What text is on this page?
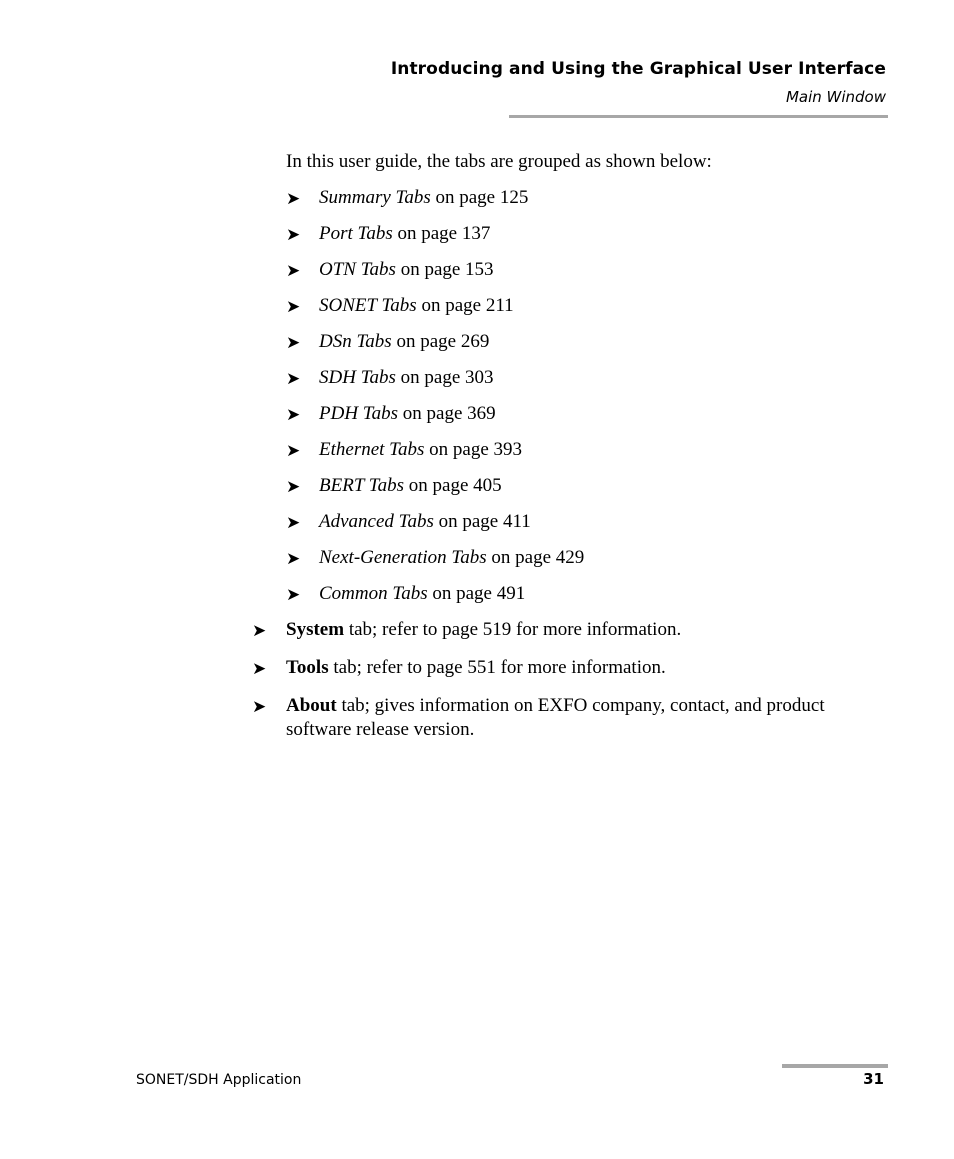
Introducing and Using the Graphical User Interface
Main Window
In this user guide, the tabs are grouped as shown below:
➤ Summary Tabs on page 125
➤ Port Tabs on page 137
➤ OTN Tabs on page 153
➤ SONET Tabs on page 211
➤ DSn Tabs on page 269
➤ SDH Tabs on page 303
➤ PDH Tabs on page 369
➤ Ethernet Tabs on page 393
➤ BERT Tabs on page 405
➤ Advanced Tabs on page 411
➤ Next-Generation Tabs on page 429
➤ Common Tabs on page 491
➤	System tab; refer to page 519 for more information.
➤	Tools tab; refer to page 551 for more information.
➤	About tab; gives information on EXFO company, contact, and product software release version.
SONET/SDH Application	31
